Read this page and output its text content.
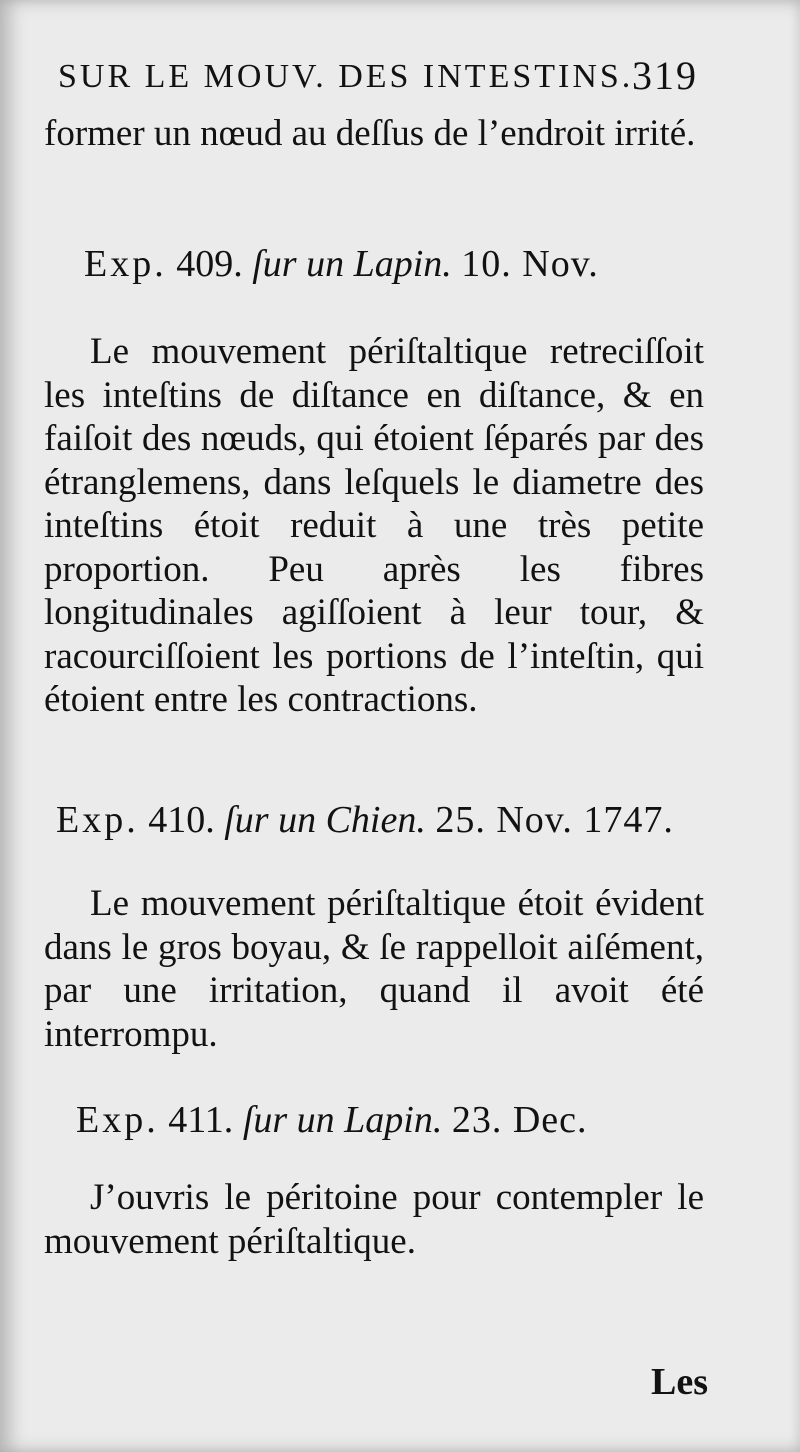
SUR LE MOUV. DES INTESTINS.
319

former un nœud au deſſus de l’endroit irrité.

Exp. 409. ſur un Lapin. 10. Nov.

Le mouvement périſtaltique retreciſſoit les inteſtins de diſtance en diſtance, & en faiſoit des nœuds, qui étoient ſéparés par des étranglemens, dans leſquels le diametre des inteſtins étoit reduit à une très petite proportion. Peu après les fibres longitudinales agiſſoient à leur tour, & racourciſſoient les portions de l’inteſtin, qui étoient entre les contractions.

Exp. 410. ſur un Chien. 25. Nov. 1747.

Le mouvement périſtaltique étoit évident dans le gros boyau, & ſe rappelloit aiſément, par une irritation, quand il avoit été interrompu.

Exp. 411. ſur un Lapin. 23. Dec.

J’ouvris le péritoine pour contempler le mouvement périſtaltique.

Les
